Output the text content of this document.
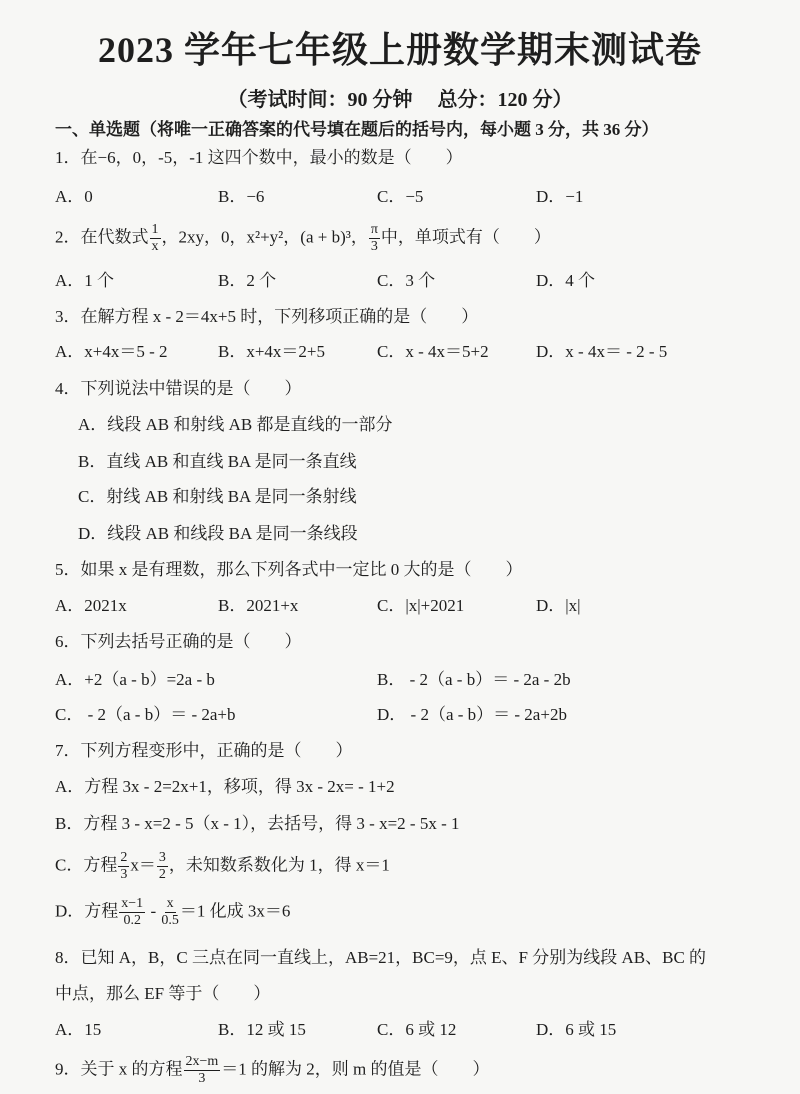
2023 学年七年级上册数学期末测试卷
（考试时间：90 分钟　 总分：120 分）
一、单选题（将唯一正确答案的代号填在题后的括号内，每小题 3 分，共 36 分）
1．在−6，0，-5，-1 这四个数中，最小的数是（　　）
A．0	B．−6	C．−5	D．−1
2．在代数式 $\frac{1}{x}$ ，2xy，0，x²+y²，(a + b)³， $\frac{\pi}{3}$ 中，单项式有（　　）
A．1 个	B．2 个	C．3 个	D．4 个
3．在解方程 x - 2＝4x+5 时，下列移项正确的是（　　）
A．x+4x＝5 - 2	B．x+4x＝2+5	C．x - 4x＝5+2	D．x - 4x＝ - 2 - 5
4．下列说法中错误的是（　　）
A．线段 AB 和射线 AB 都是直线的一部分
B．直线 AB 和直线 BA 是同一条直线
C．射线 AB 和射线 BA 是同一条射线
D．线段 AB 和线段 BA 是同一条线段
5．如果 x 是有理数，那么下列各式中一定比 0 大的是（　　）
A．2021x	B．2021+x	C．|x|+2021	D．|x|
6．下列去括号正确的是（　　）
A．+2（a - b）=2a - b	B． - 2（a - b）＝ - 2a - 2b
C． - 2（a - b）＝ - 2a+b	D． - 2（a - b）＝ - 2a+2b
7．下列方程变形中，正确的是（　　）
A．方程 3x - 2=2x+1，移项，得 3x - 2x= - 1+2
B．方程 3 - x=2 - 5（x - 1），去括号，得 3 - x=2 - 5x - 1
C．方程 $\frac{2}{3} x= \frac{3}{2}$ ，未知数系数化为 1，得 x＝1
D．方程 $\frac{x-1}{0.2} - \frac{x}{0.5} =1$ 化成 3x＝6
8．已知 A，B，C 三点在同一直线上，AB=21，BC=9，点 E、F 分别为线段 AB、BC 的
中点，那么 EF 等于（　　）
A．15	B．12 或 15	C．6 或 12	D．6 或 15
9．关于 x 的方程 $\frac{2x-m}{3} =1$ 的解为 2，则 m 的值是（　　）
